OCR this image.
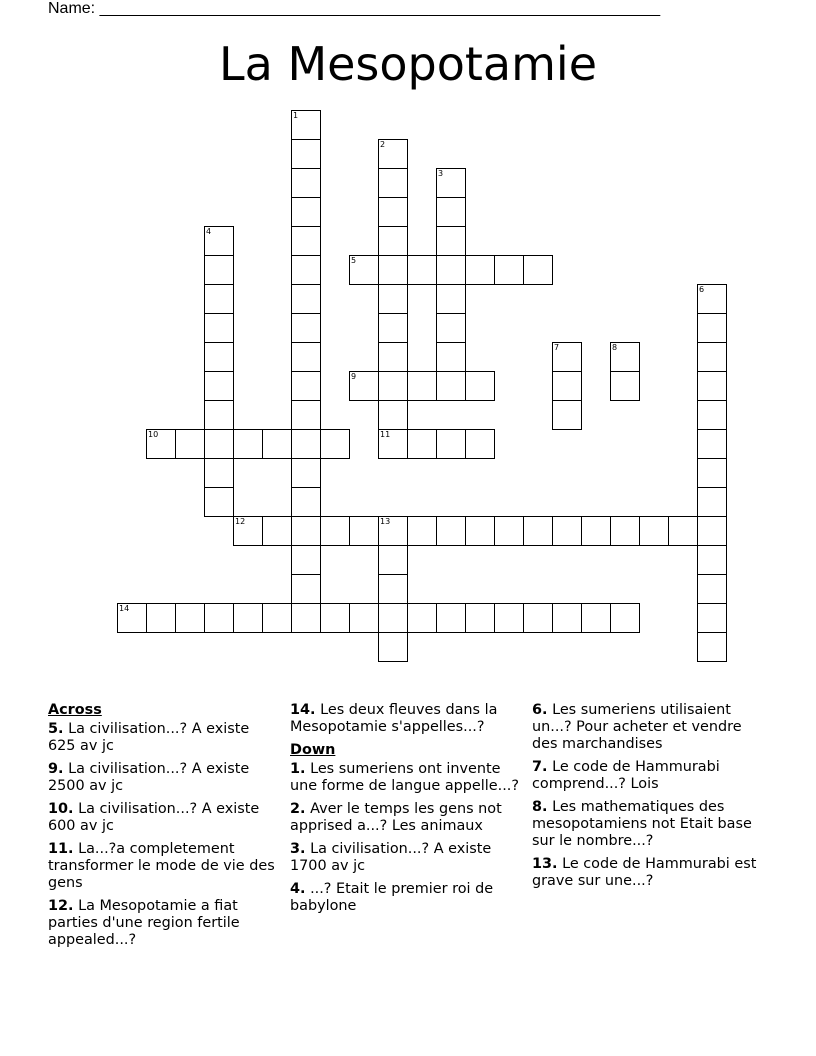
Name: _______________________________________________________________
La Mesopotamie
1
2
11
3
4
6
7	8
13
5
9
10
12
14
Across
5. La civilisation...? A existe 625 av jc
9. La civilisation...? A existe 2500 av jc
10. La civilisation...? A existe 600 av jc
11. La...?a completement transformer le mode de vie des gens
12. La Mesopotamie a fiat parties d'une region fertile appealed...?
14. Les deux fleuves dans la Mesopotamie s'appelles...?
Down
1. Les sumeriens ont invente une forme de langue appelle...?
2. Aver le temps les gens not apprised a...? Les animaux
3. La civilisation...? A existe 1700 av jc
4. ...? Etait le premier roi de babylone
6. Les sumeriens utilisaient un...? Pour acheter et vendre des marchandises
7. Le code de Hammurabi comprend...? Lois
8. Les mathematiques des mesopotamiens not Etait base sur le nombre...?
13. Le code de Hammurabi est grave sur une...?
